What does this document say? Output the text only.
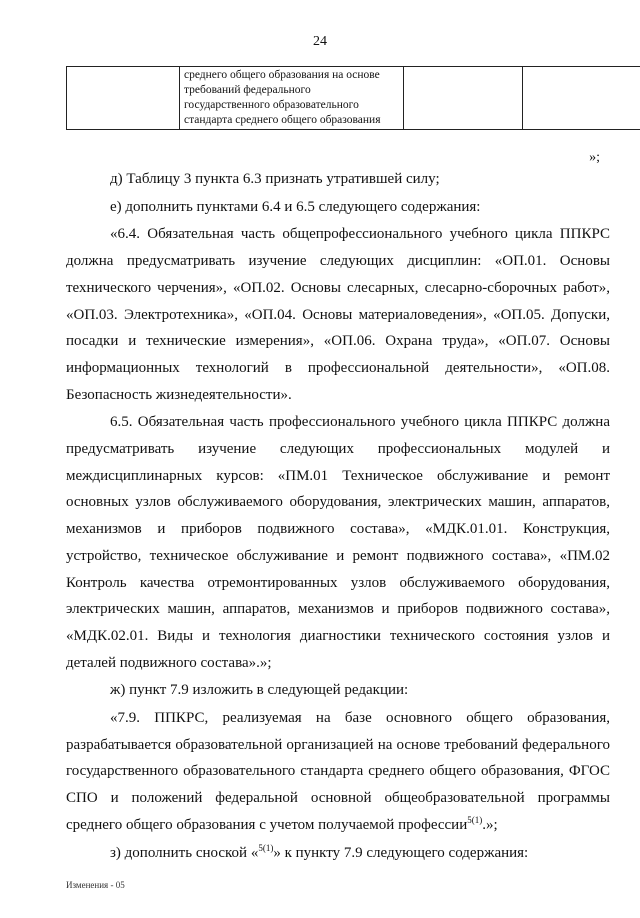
24
	среднего общего образования на основе требований федерального государственного образовательного стандарта среднего общего образования		
»;

д) Таблицу 3 пункта 6.3 признать утратившей силу;

е) дополнить пунктами 6.4 и 6.5 следующего содержания:

«6.4. Обязательная часть общепрофессионального учебного цикла ППКРС должна предусматривать изучение следующих дисциплин: «ОП.01. Основы технического черчения», «ОП.02. Основы слесарных, слесарно-сборочных работ», «ОП.03. Электротехника», «ОП.04. Основы материаловедения», «ОП.05. Допуски, посадки и технические измерения», «ОП.06. Охрана труда», «ОП.07. Основы информационных технологий в профессиональной деятельности», «ОП.08. Безопасность жизнедеятельности».

6.5. Обязательная часть профессионального учебного цикла ППКРС должна предусматривать изучение следующих профессиональных модулей и междисциплинарных курсов: «ПМ.01 Техническое обслуживание и ремонт основных узлов обслуживаемого оборудования, электрических машин, аппаратов, механизмов и приборов подвижного состава», «МДК.01.01. Конструкция, устройство, техническое обслуживание и ремонт подвижного состава», «ПМ.02 Контроль качества отремонтированных узлов обслуживаемого оборудования, электрических машин, аппаратов, механизмов и приборов подвижного состава», «МДК.02.01. Виды и технология диагностики технического состояния узлов и деталей подвижного состава».»;

ж) пункт 7.9 изложить в следующей редакции:

«7.9. ППКРС, реализуемая на базе основного общего образования, разрабатывается образовательной организацией на основе требований федерального государственного образовательного стандарта среднего общего образования, ФГОС СПО и положений федеральной основной общеобразовательной программы среднего общего образования с учетом получаемой профессии$^{5(1)}$.»;

з) дополнить сноской «$^{5(1)}$» к пункту 7.9 следующего содержания:

Изменения - 05
